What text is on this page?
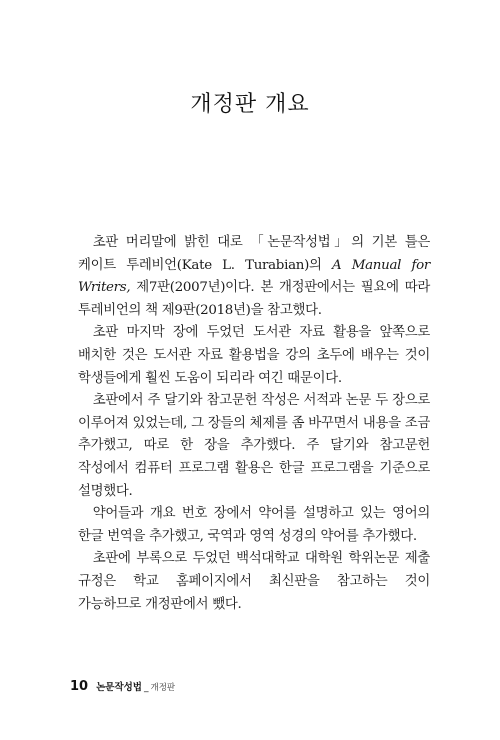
개정판 개요

초판 머리말에 밝힌 대로 「논문작성법」의 기본 틀은 케이트 투레비언(Kate L. Turabian)의 A Manual for Writers, 제7판(2007년)이다. 본 개정판에서는 필요에 따라 투레비언의 책 제9판(2018년)을 참고했다.

초판 마지막 장에 두었던 도서관 자료 활용을 앞쪽으로 배치한 것은 도서관 자료 활용법을 강의 초두에 배우는 것이 학생들에게 훨씬 도움이 되리라 여긴 때문이다.

초판에서 주 달기와 참고문헌 작성은 서적과 논문 두 장으로 이루어져 있었는데, 그 장들의 체제를 좀 바꾸면서 내용을 조금 추가했고, 따로 한 장을 추가했다. 주 달기와 참고문헌 작성에서 컴퓨터 프로그램 활용은 한글 프로그램을 기준으로 설명했다.

약어들과 개요 번호 장에서 약어를 설명하고 있는 영어의 한글 번역을 추가했고, 국역과 영역 성경의 약어를 추가했다.

초판에 부록으로 두었던 백석대학교 대학원 학위논문 제출 규정은 학교 홈페이지에서 최신판을 참고하는 것이 가능하므로 개정판에서 뺐다.

10 논문작성법 _ 개정판
